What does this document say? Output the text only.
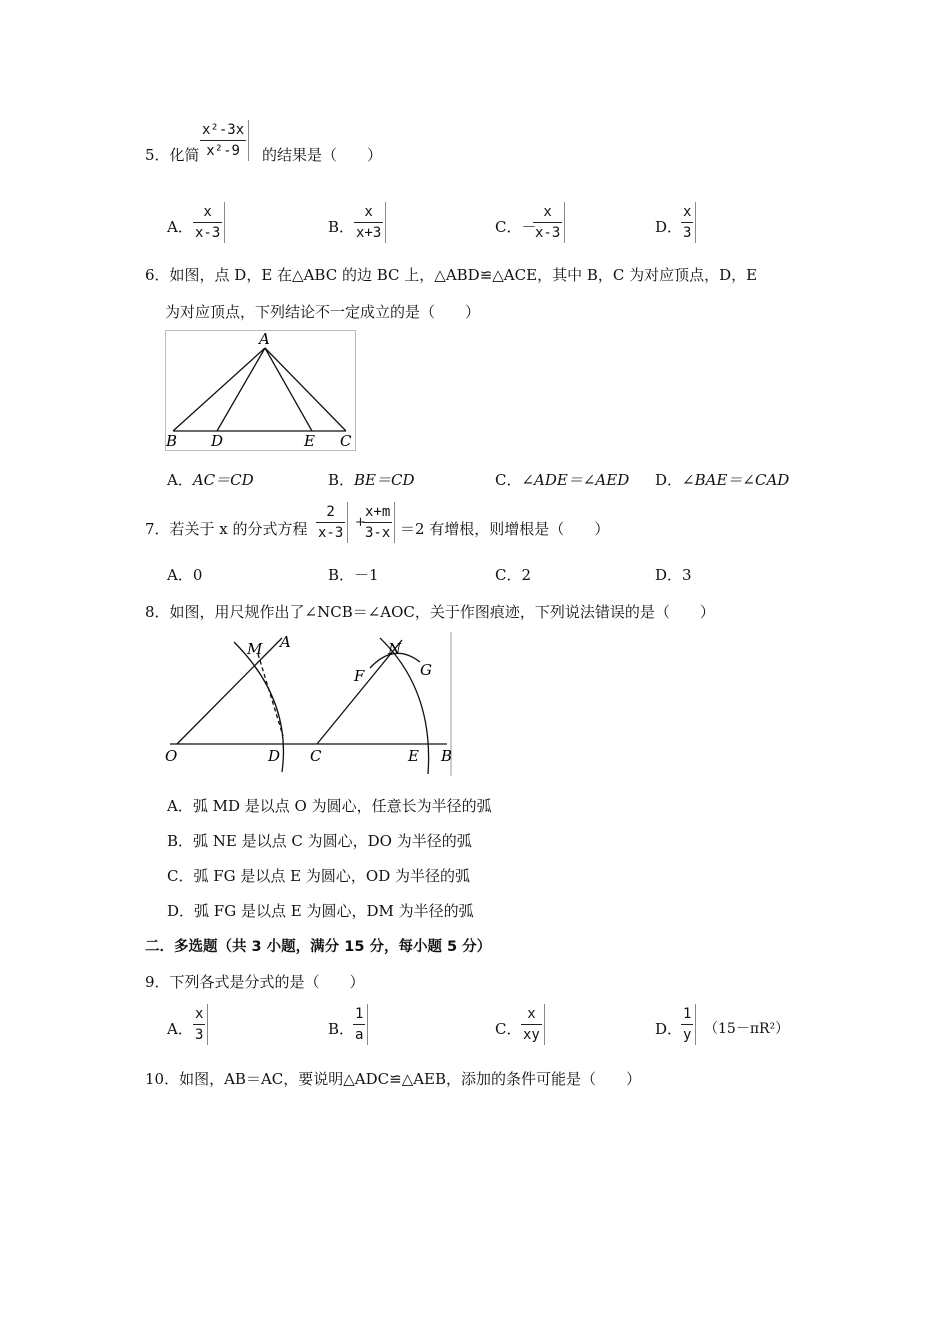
5．化简 $\frac{\text{x²-3x}}{\text{x²-9}}$ 的结果是（　　）
A． $\frac{x}{x-3}$	B． $\frac{x}{x+3}$	C．－
$\frac{x}{x-3}$	D．
$\frac{x}{3}$
6．如图，点 D，E 在△ABC 的边 BC 上，△ABD≌△ACE，其中 B，C 为对应顶点，D，E
为对应顶点，下列结论不一定成立的是（　　）
A
B D	E C
A．AC＝CD	B．BE＝CD	C．∠ADE＝∠AED D．∠BAE＝∠CAD
7．若关于 x 的分式方程 $\frac{2}{x-3}$ +
$\frac{x+m}{3-x} =2$ 有增根，则增根是（　　）
A．0	B．－1	C．2	D．3
8．如图，用尺规作出了∠NCB＝∠AOC，关于作图痕迹，下列说法错误的是（　　）
M A	N
F	G
O	D C	E B
A．弧 MD 是以点 O 为圆心，任意长为半径的弧
B．弧 NE 是以点 C 为圆心，DO 为半径的弧
C．弧 FG 是以点 E 为圆心，OD 为半径的弧
D．弧 FG 是以点 E 为圆心，DM 为半径的弧
二．多选题（共 3 小题，满分 15 分，每小题 5 分）
9．下列各式是分式的是（　　）
A． $\frac{x}{3}$	B．
$\frac{1}{a}$	C． $\frac{x}{xy}$	D．
$\frac{1}{y} (15-\pi R^2)$
10．如图，AB＝AC，要说明△ADC≌△AEB，添加的条件可能是（　　）
